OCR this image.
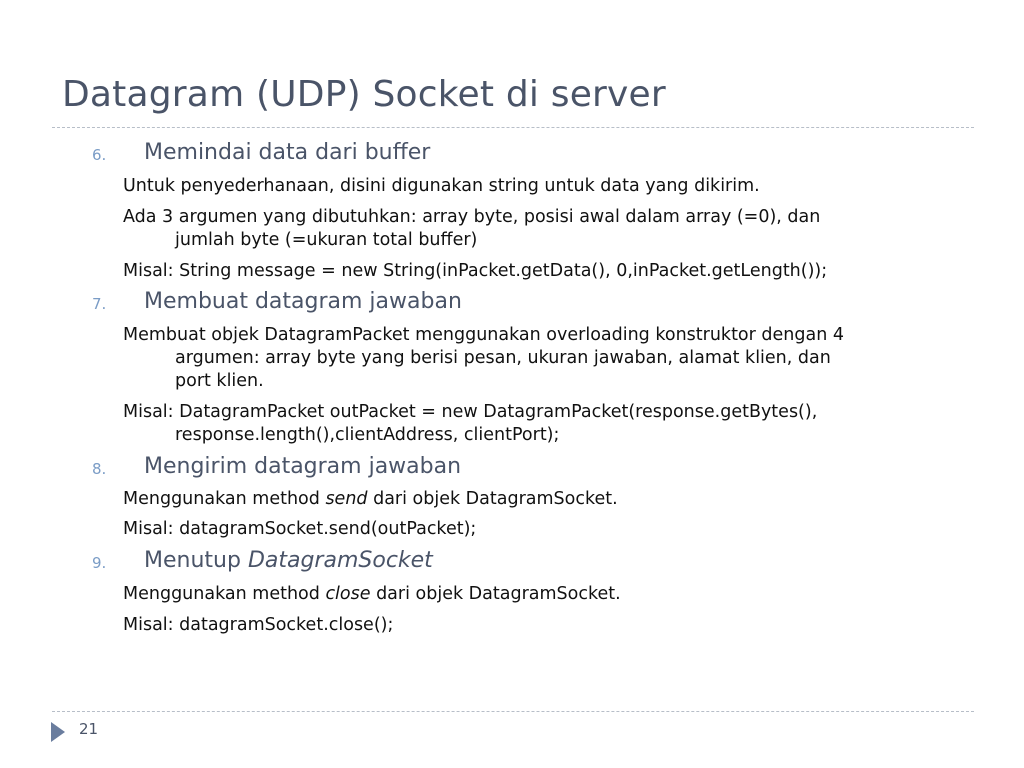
Datagram (UDP) Socket di server
6. Memindai data dari buffer
Untuk penyederhanaan, disini digunakan string untuk data yang dikirim.
Ada 3 argumen yang dibutuhkan: array byte, posisi awal dalam array (=0), dan
jumlah byte (=ukuran total buffer)
Misal: String message = new String(inPacket.getData(), 0,inPacket.getLength());
7. Membuat datagram jawaban
Membuat objek DatagramPacket menggunakan overloading konstruktor dengan 4
argumen: array byte yang berisi pesan, ukuran jawaban, alamat klien, dan
port klien.
Misal: DatagramPacket outPacket = new DatagramPacket(response.getBytes(),
response.length(),clientAddress, clientPort);
8. Mengirim datagram jawaban
Menggunakan method send dari objek DatagramSocket.
Misal: datagramSocket.send(outPacket);
9. Menutup DatagramSocket
Menggunakan method close dari objek DatagramSocket.
Misal: datagramSocket.close();
21
